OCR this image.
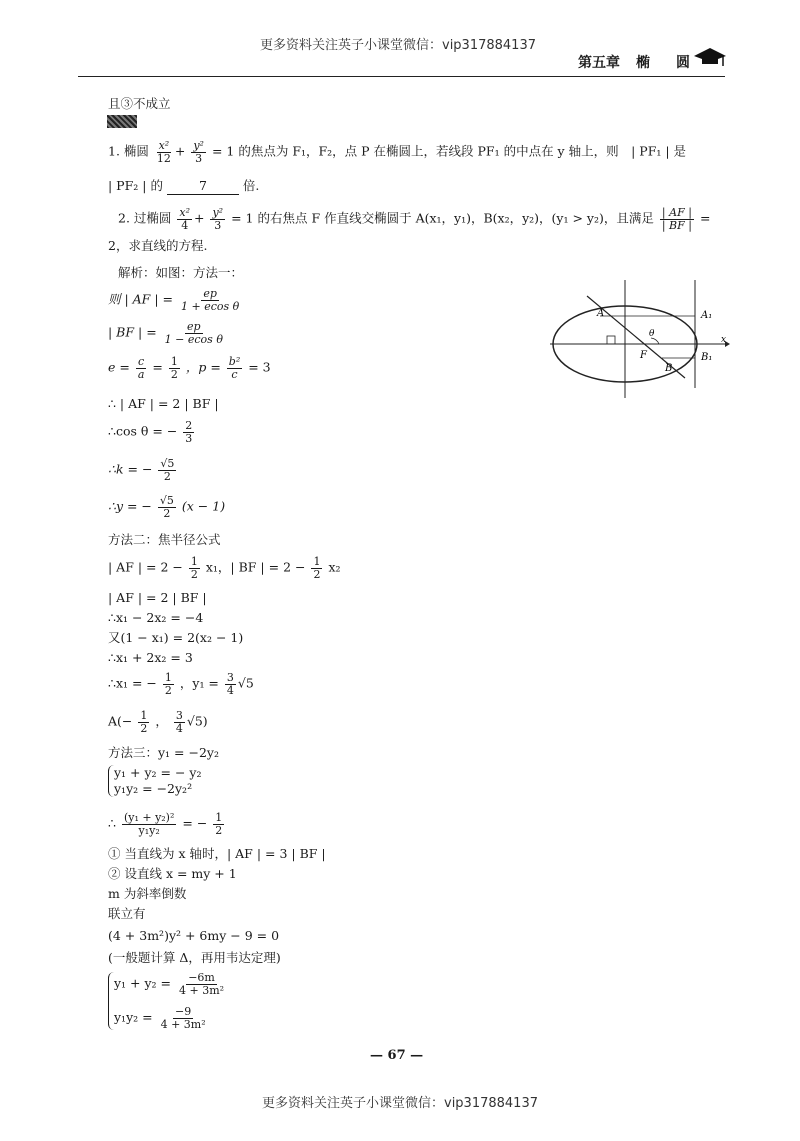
更多资料关注英子小课堂微信：vip317884137
第五章 椭 圆
且③不成立
1. 椭圆 $\frac{\text{x²}}{12} + \frac{\text{y²}}{3} = 1$ 的焦点为 F₁，F₂，点 P 在椭圆上，若线段 PF₁ 的中点在 y 轴上，则　| PF₁ | 是
| PF₂ | 的	7	倍.
2. 过椭圆 $\frac{\text{x²}}{4} + \frac{\text{y²}}{3} = 1$ 的右焦点 F 作直线交椭圆于 A(x₁，y₁)，B(x₂，y₂)，(y₁ > y₂)，且满足 $\frac{| AF |}{| BF |}$ =
2，求直线的方程.
解析：如图：方法一：
则 | AF | = $\frac{ep}{\text{1 + ecos θ}}$
| BF | = $\frac{ep}{\text{1 − ecos θ}}$
$e = \frac{c}{a} = \frac{1}{2}$ ，$p = \frac{\text{b²}}{c} = 3$
∴ | AF | = 2 | BF |
∴cos θ = − $\frac{2}{3}$
∴k = − $\frac{√5}{2}$
∴y = − $\frac{√5}{2} (x - 1)$
方法二：焦半径公式
| AF | = $2 - \frac{1}{2} x_1$，| BF | = $2 - \frac{1}{2} x_2$
| AF | = 2 | BF |
∴x₁ − 2x₂ = −4
又(1 − x₁) = 2(x₂ − 1)
∴x₁ + 2x₂ = 3
∴x₁ = − $\frac{1}{2}$ ，$y_1 = \frac{3}{4} √5$
$A(- \frac{1}{2}$ ， $\frac{3}{4} √5$)
方法三：y₁ = −2y₂
y₁ + y₂ = − y₂
y₁y₂ = −2y₂²
∴ $\frac{\text{(y₁ + y₂)²}}{\text{y₁y₂}}$ = − $\frac{1}{2}$
① 当直线为 x 轴时，| AF | = 3 | BF |
② 设直线 x = my + 1
m 为斜率倒数
联立有
(4 + 3m²)y² + 6my − 9 = 0
(一般题计算 Δ，再用韦达定理)
$y_1 + y_2 = \frac{-6m}{\text{4 + 3m²}}$
$y_1y_2 = \frac{-9}{\text{4 + 3m²}}$
A	A₁
F
θ
B
B₁
x
— 67 —
更多资料关注英子小课堂微信：vip317884137
